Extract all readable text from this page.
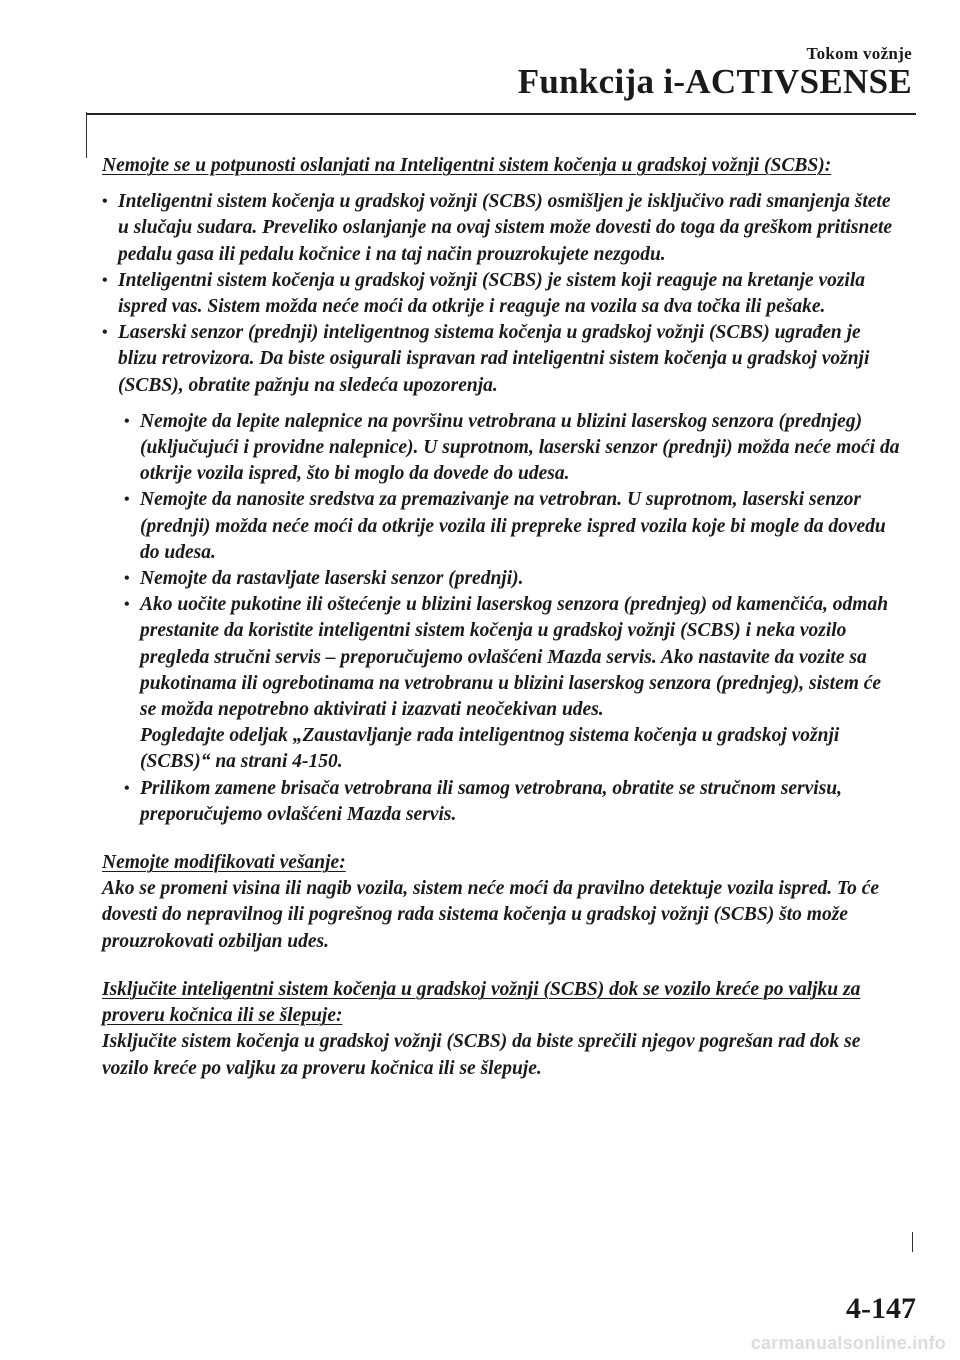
Tokom vožnje
Funkcija i-ACTIVSENSE

Nemojte se u potpunosti oslanjati na Inteligentni sistem kočenja u gradskoj vožnji (SCBS):

• Inteligentni sistem kočenja u gradskoj vožnji (SCBS) osmišljen je isključivo radi smanjenja štete u slučaju sudara. Preveliko oslanjanje na ovaj sistem može dovesti do toga da greškom pritisnete pedalu gasa ili pedalu kočnice i na taj način prouzrokujete nezgodu.
• Inteligentni sistem kočenja u gradskoj vožnji (SCBS) je sistem koji reaguje na kretanje vozila ispred vas. Sistem možda neće moći da otkrije i reaguje na vozila sa dva točka ili pešake.
• Laserski senzor (prednji) inteligentnog sistema kočenja u gradskoj vožnji (SCBS) ugrađen je blizu retrovizora. Da biste osigurali ispravan rad inteligentni sistem kočenja u gradskoj vožnji (SCBS), obratite pažnju na sledeća upozorenja.
• Nemojte da lepite nalepnice na površinu vetrobrana u blizini laserskog senzora (prednjeg) (uključujući i providne nalepnice). U suprotnom, laserski senzor (prednji) možda neće moći da otkrije vozila ispred, što bi moglo da dovede do udesa.
• Nemojte da nanosite sredstva za premazivanje na vetrobran. U suprotnom, laserski senzor (prednji) možda neće moći da otkrije vozila ili prepreke ispred vozila koje bi mogle da dovedu do udesa.
• Nemojte da rastavljate laserski senzor (prednji).
• Ako uočite pukotine ili oštećenje u blizini laserskog senzora (prednjeg) od kamenčića, odmah prestanite da koristite inteligentni sistem kočenja u gradskoj vožnji (SCBS) i neka vozilo pregleda stručni servis – preporučujemo ovlašćeni Mazda servis. Ako nastavite da vozite sa pukotinama ili ogrebotinama na vetrobranu u blizini laserskog senzora (prednjeg), sistem će se možda nepotrebno aktivirati i izazvati neočekivan udes.
Pogledajte odeljak „Zaustavljanje rada inteligentnog sistema kočenja u gradskoj vožnji (SCBS)“ na strani 4-150.
• Prilikom zamene brisača vetrobrana ili samog vetrobrana, obratite se stručnom servisu, preporučujemo ovlašćeni Mazda servis.

Nemojte modifikovati vešanje:

Ako se promeni visina ili nagib vozila, sistem neće moći da pravilno detektuje vozila ispred. To će dovesti do nepravilnog ili pogrešnog rada sistema kočenja u gradskoj vožnji (SCBS) što može prouzrokovati ozbiljan udes.

Isključite inteligentni sistem kočenja u gradskoj vožnji (SCBS) dok se vozilo kreće po valjku za proveru kočnica ili se šlepuje:

Isključite sistem kočenja u gradskoj vožnji (SCBS) da biste sprečili njegov pogrešan rad dok se vozilo kreće po valjku za proveru kočnica ili se šlepuje.

4-147
carmanualsonline.info
